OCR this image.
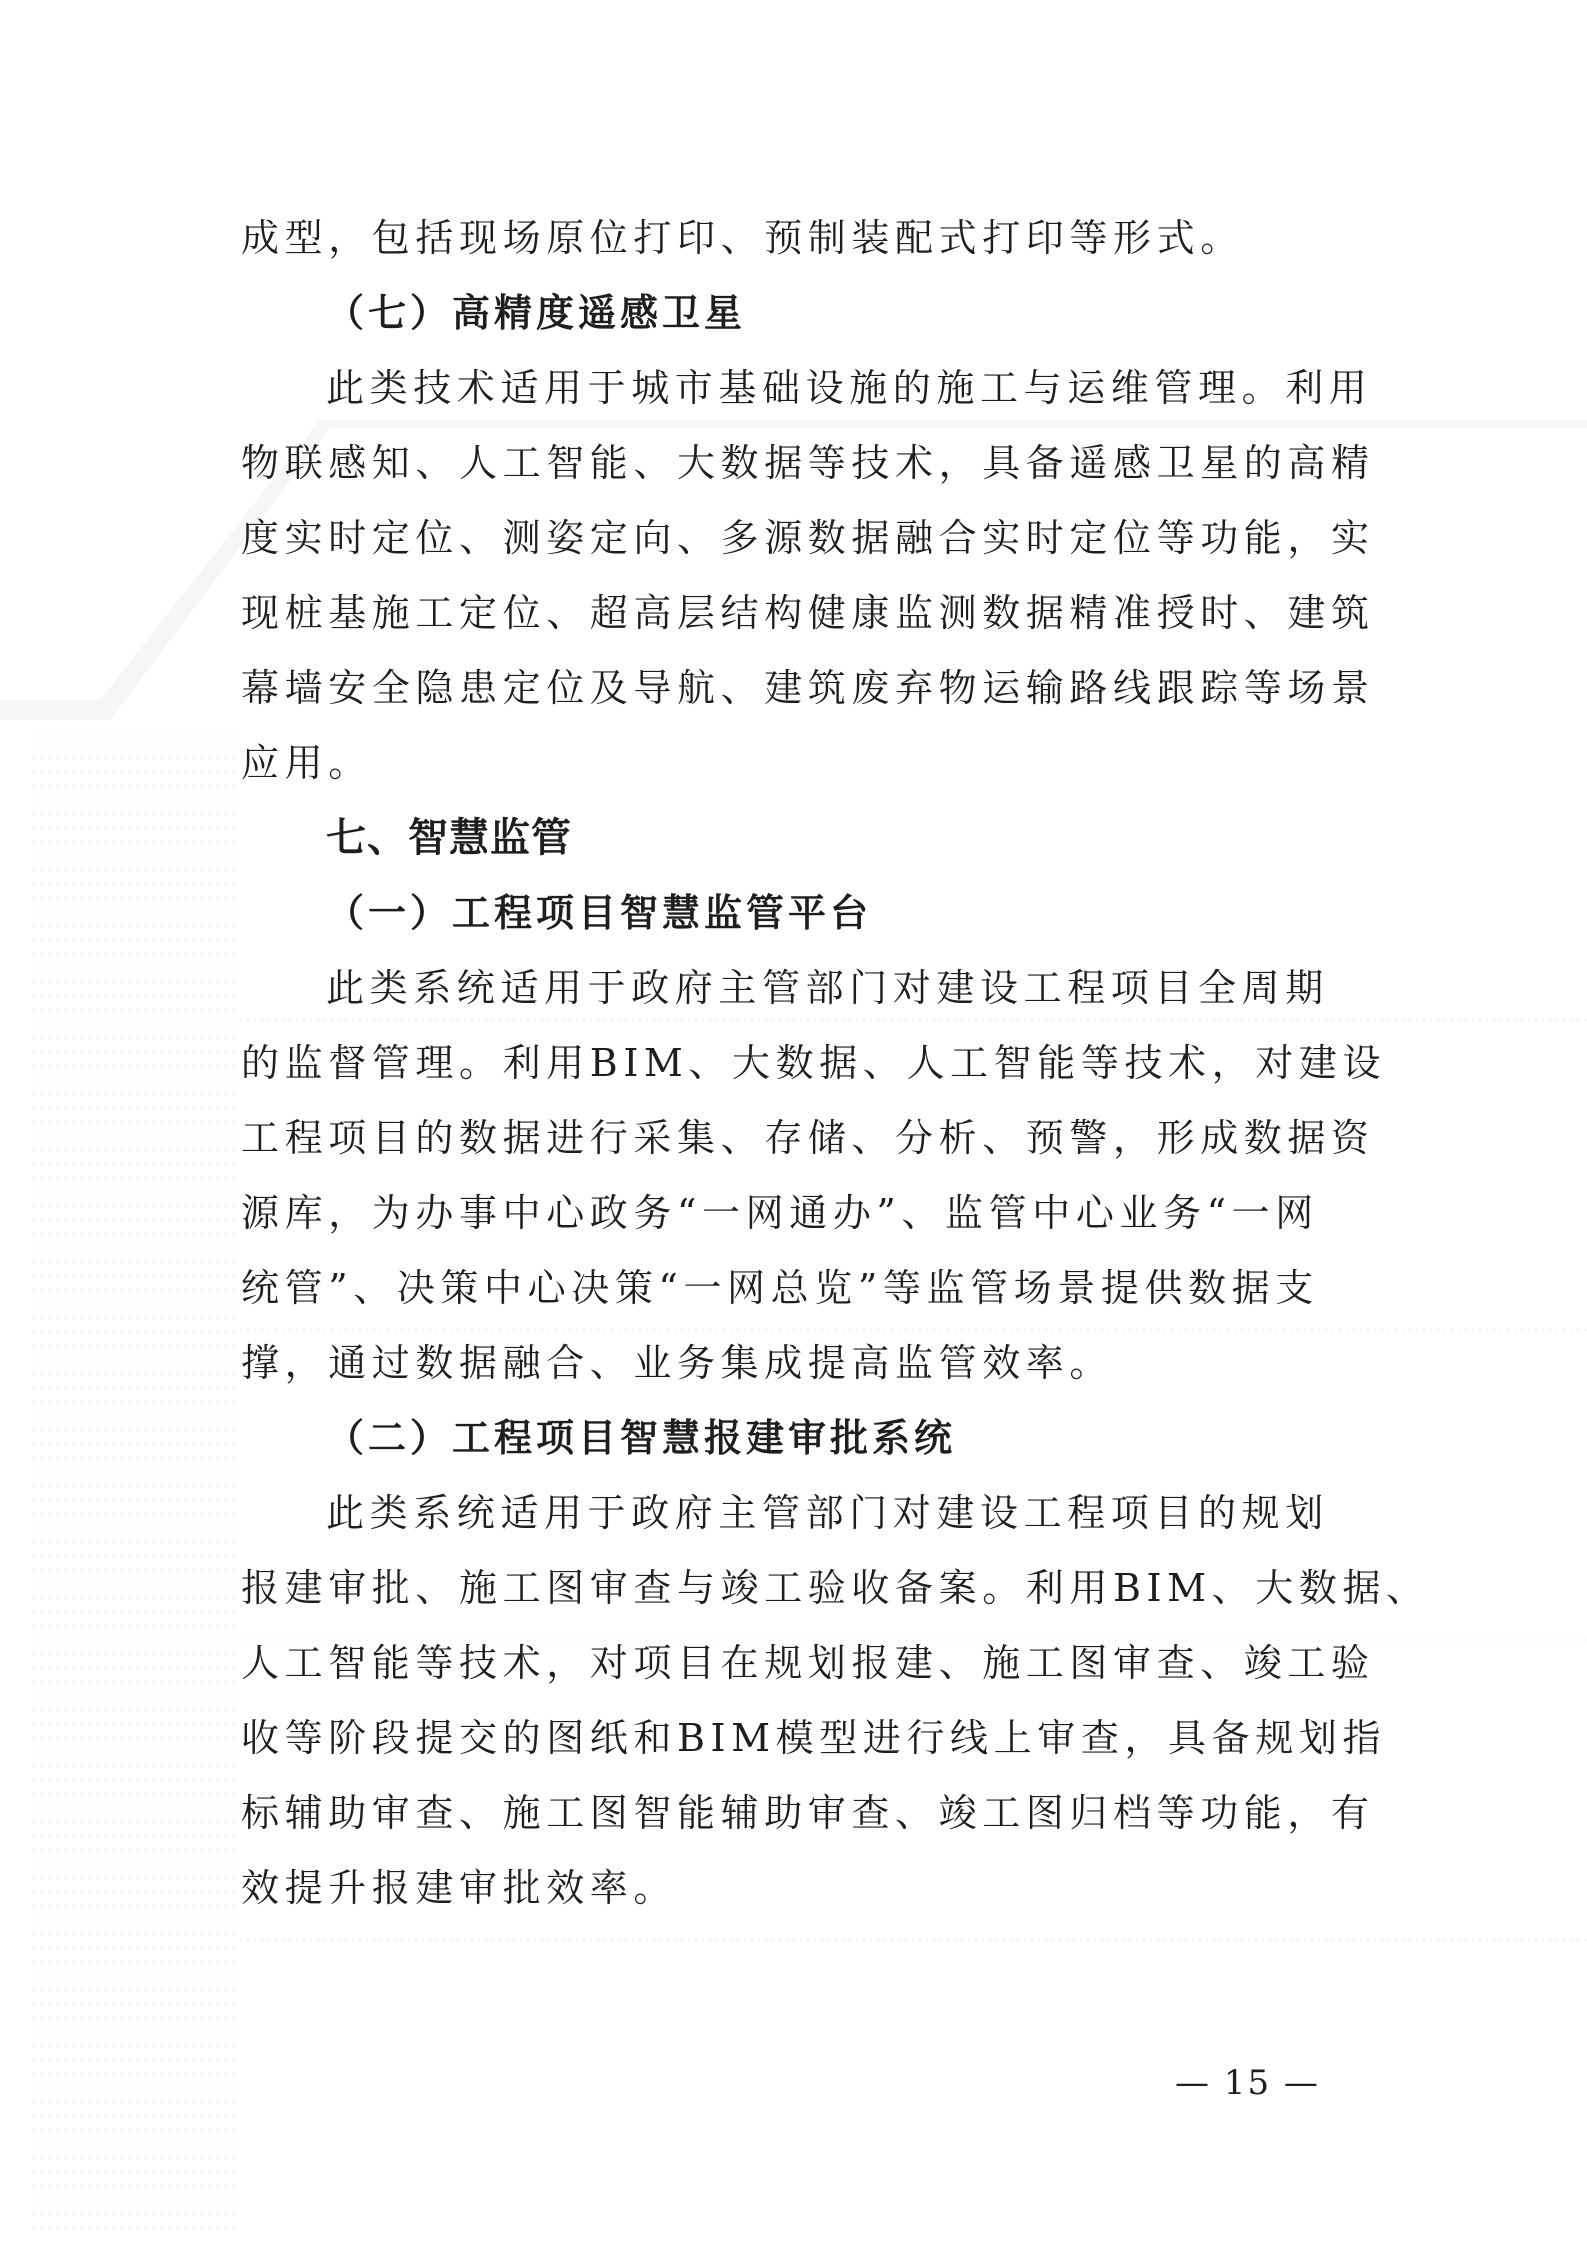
成型，包括现场原位打印、预制装配式打印等形式。

（七）高精度遥感卫星

此类技术适用于城市基础设施的施工与运维管理。利用

物联感知、人工智能、大数据等技术，具备遥感卫星的高精

度实时定位、测姿定向、多源数据融合实时定位等功能，实

现桩基施工定位、超高层结构健康监测数据精准授时、建筑

幕墙安全隐患定位及导航、建筑废弃物运输路线跟踪等场景

应用。

七、智慧监管

（一）工程项目智慧监管平台

此类系统适用于政府主管部门对建设工程项目全周期

的监督管理。利用BIM、大数据、人工智能等技术，对建设

工程项目的数据进行采集、存储、分析、预警，形成数据资

源库，为办事中心政务“一网通办”、监管中心业务“一网

统管”、决策中心决策“一网总览”等监管场景提供数据支

撑，通过数据融合、业务集成提高监管效率。

（二）工程项目智慧报建审批系统

此类系统适用于政府主管部门对建设工程项目的规划

报建审批、施工图审查与竣工验收备案。利用BIM、大数据、

人工智能等技术，对项目在规划报建、施工图审查、竣工验

收等阶段提交的图纸和BIM模型进行线上审查，具备规划指

标辅助审查、施工图智能辅助审查、竣工图归档等功能，有

效提升报建审批效率。

— 15 —
